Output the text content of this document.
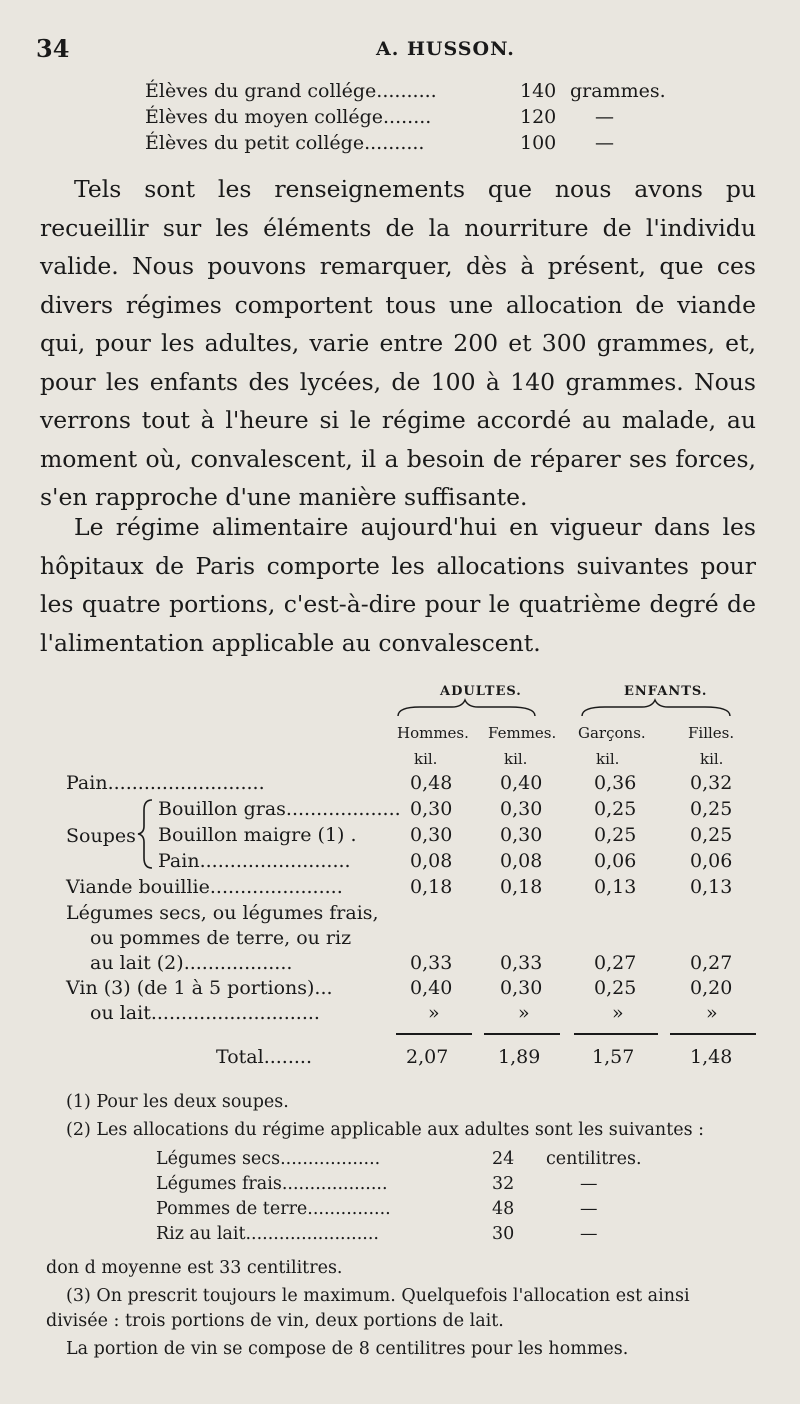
34	A. HUSSON.
Élèves du grand collége..........	140 grammes.
Élèves du moyen collége........	120 —
Élèves du petit collége..........	100 —

Tels sont les renseignements que nous avons pu recueillir sur les éléments de la nourriture de l'individu valide. Nous pouvons remarquer, dès à présent, que ces divers régimes comportent tous une allocation de viande qui, pour les adultes, varie entre 200 et 300 grammes, et, pour les enfants des lycées, de 100 à 140 grammes. Nous verrons tout à l'heure si le régime accordé au malade, au moment où, convalescent, il a besoin de réparer ses forces, s'en rapproche d'une manière suffisante.

Le régime alimentaire aujourd'hui en vigueur dans les hôpitaux de Paris comporte les allocations suivantes pour les quatre portions, c'est-à-dire pour le quatrième degré de l'alimentation applicable au convalescent.

ADULTES.	ENFANTS.
Hommes. Femmes. Garçons.	Filles.
kil.	kil.	kil.	kil.
Pain..........................	0,48	0,40	0,36	0,32
Soupes
Bouillon gras................... 0,30	0,30	0,25	0,25
Bouillon maigre (1) .	0,30	0,30	0,25	0,25
Pain.........................	0,08	0,08	0,06	0,06
Viande bouillie......................	0,18	0,18	0,13	0,13
Légumes secs, ou légumes frais,
ou pommes de terre, ou riz
au lait (2)..................	0,33	0,33	0,27	0,27
Vin (3) (de 1 à 5 portions)...	0,40	0,30	0,25	0,20
ou lait............................	»	»	»	»
Total........	2,07	1,89	1,57	1,48
(1) Pour les deux soupes.
(2) Les allocations du régime applicable aux adultes sont les suivantes :
Légumes secs..................	24 centilitres.
Légumes frais...................	32	—
Pommes de terre...............	48	—
Riz au lait........................	30	—
don d moyenne est 33 centilitres.
(3) On prescrit toujours le maximum. Quelquefois l'allocation est ainsi
divisée : trois portions de vin, deux portions de lait.
La portion de vin se compose de 8 centilitres pour les hommes.
